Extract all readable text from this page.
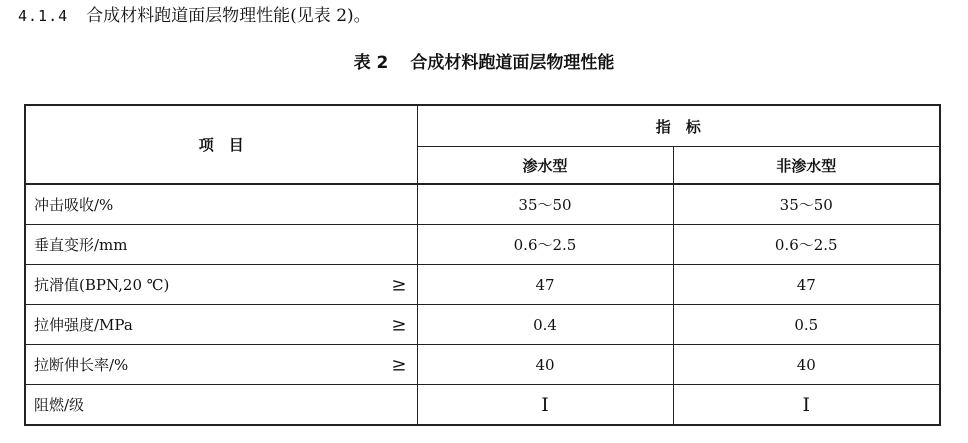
4.1.4 合成材料跑道面层物理性能(见表 2)。
表 2 合成材料跑道面层物理性能
项　目	指　标	
	渗水型	非渗水型
冲击吸收/%	35～50	35～50
垂直变形/mm	0.6～2.5	0.6～2.5
抗滑值(BPN,20 ℃) ≥	47	47
拉伸强度/MPa ≥	0.4	0.5
拉断伸长率/% ≥	40	40
阻燃/级	Ⅰ	Ⅰ
